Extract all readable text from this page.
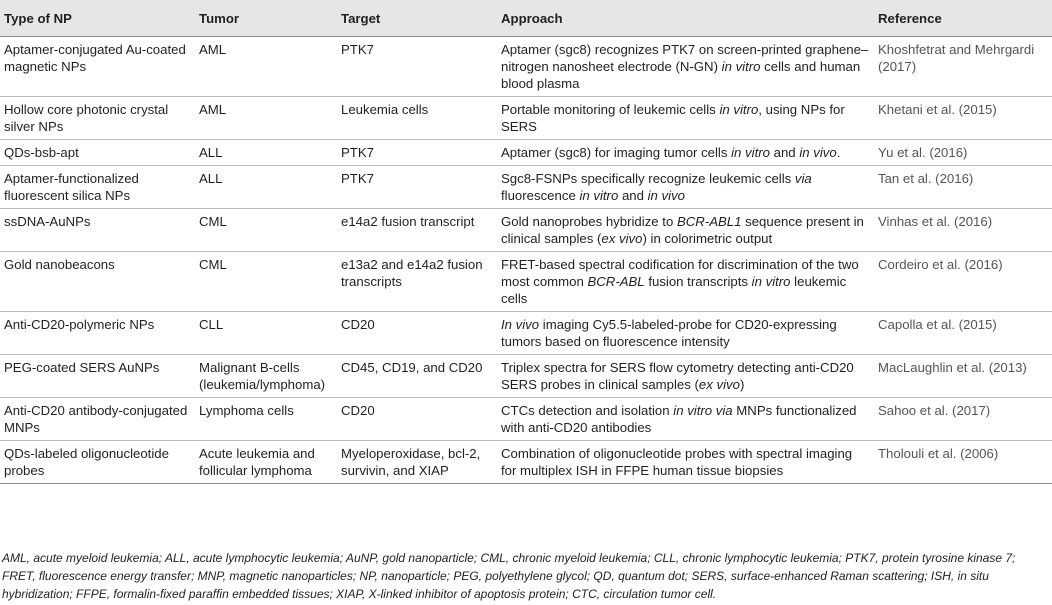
Type of NP	Tumor	Target	Approach	Reference
Aptamer-conjugated Au-coated magnetic NPs	AML	PTK7	Aptamer (sgc8) recognizes PTK7 on screen-printed graphene–nitrogen nanosheet electrode (N-GN) in vitro cells and human blood plasma	Khoshfetrat and Mehrgardi (2017)
Hollow core photonic crystal silver NPs	AML	Leukemia cells	Portable monitoring of leukemic cells in vitro, using NPs for SERS	Khetani et al. (2015)
QDs-bsb-apt	ALL	PTK7	Aptamer (sgc8) for imaging tumor cells in vitro and in vivo.	Yu et al. (2016)
Aptamer-functionalized fluorescent silica NPs	ALL	PTK7	Sgc8-FSNPs specifically recognize leukemic cells via fluorescence in vitro and in vivo	Tan et al. (2016)
ssDNA-AuNPs	CML	e14a2 fusion transcript	Gold nanoprobes hybridize to BCR-ABL1 sequence present in clinical samples (ex vivo) in colorimetric output	Vinhas et al. (2016)
Gold nanobeacons	CML	e13a2 and e14a2 fusion transcripts	FRET-based spectral codification for discrimination of the two most common BCR-ABL fusion transcripts in vitro leukemic cells	Cordeiro et al. (2016)
Anti-CD20-polymeric NPs	CLL	CD20	In vivo imaging Cy5.5-labeled-probe for CD20-expressing tumors based on fluorescence intensity	Capolla et al. (2015)
PEG-coated SERS AuNPs	Malignant B-cells (leukemia/lymphoma)	CD45, CD19, and CD20	Triplex spectra for SERS flow cytometry detecting anti-CD20 SERS probes in clinical samples (ex vivo)	MacLaughlin et al. (2013)
Anti-CD20 antibody-conjugated MNPs	Lymphoma cells	CD20	CTCs detection and isolation in vitro via MNPs functionalized with anti-CD20 antibodies	Sahoo et al. (2017)
QDs-labeled oligonucleotide probes	Acute leukemia and follicular lymphoma	Myeloperoxidase, bcl-2, survivin, and XIAP	Combination of oligonucleotide probes with spectral imaging for multiplex ISH in FFPE human tissue biopsies	Tholouli et al. (2006)
AML, acute myeloid leukemia; ALL, acute lymphocytic leukemia; AuNP, gold nanoparticle; CML, chronic myeloid leukemia; CLL, chronic lymphocytic leukemia; PTK7, protein tyrosine kinase 7; FRET, fluorescence energy transfer; MNP, magnetic nanoparticles; NP, nanoparticle; PEG, polyethylene glycol; QD, quantum dot; SERS, surface-enhanced Raman scattering; ISH, in situ hybridization; FFPE, formalin-fixed paraffin embedded tissues; XIAP, X-linked inhibitor of apoptosis protein; CTC, circulation tumor cell.
